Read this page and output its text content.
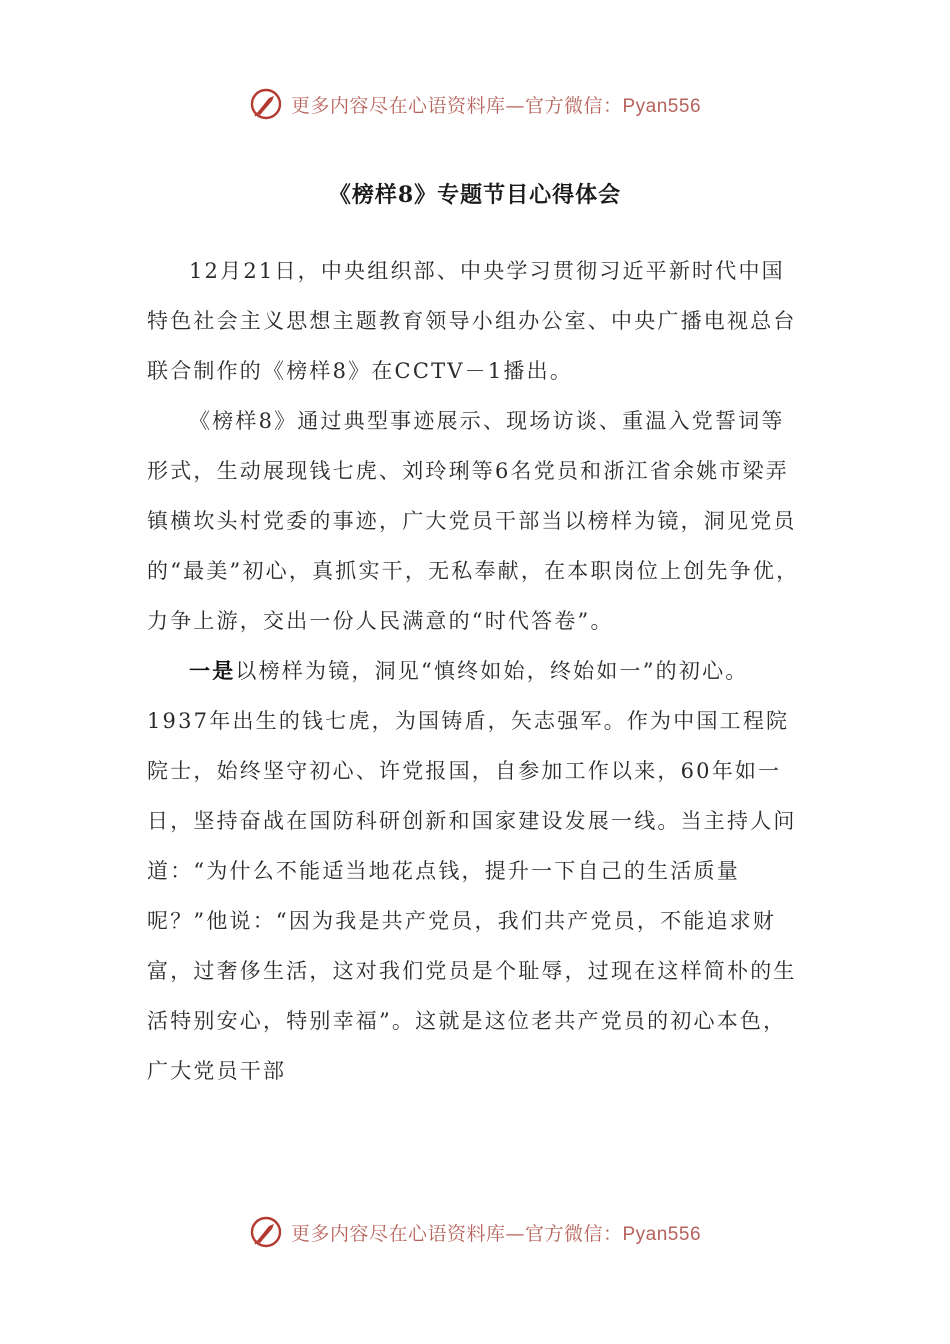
更多内容尽在心语资料库—官方微信：Pyan556
《榜样8》专题节目心得体会

12月21日，中央组织部、中央学习贯彻习近平新时代中国特色社会主义思想主题教育领导小组办公室、中央广播电视总台联合制作的《榜样8》在CCTV－1播出。

《榜样8》通过典型事迹展示、现场访谈、重温入党誓词等形式，生动展现钱七虎、刘玲琍等6名党员和浙江省余姚市梁弄镇横坎头村党委的事迹，广大党员干部当以榜样为镜，洞见党员的“最美”初心，真抓实干，无私奉献，在本职岗位上创先争优，力争上游，交出一份人民满意的“时代答卷”。

一是以榜样为镜，洞见“慎终如始，终始如一”的初心。1937年出生的钱七虎，为国铸盾，矢志强军。作为中国工程院院士，始终坚守初心、许党报国，自参加工作以来，60年如一日，坚持奋战在国防科研创新和国家建设发展一线。当主持人问道：“为什么不能适当地花点钱，提升一下自己的生活质量呢？”他说：“因为我是共产党员，我们共产党员，不能追求财富，过奢侈生活，这对我们党员是个耻辱，过现在这样简朴的生活特别安心，特别幸福”。这就是这位老共产党员的初心本色，广大党员干部

更多内容尽在心语资料库—官方微信：Pyan556
